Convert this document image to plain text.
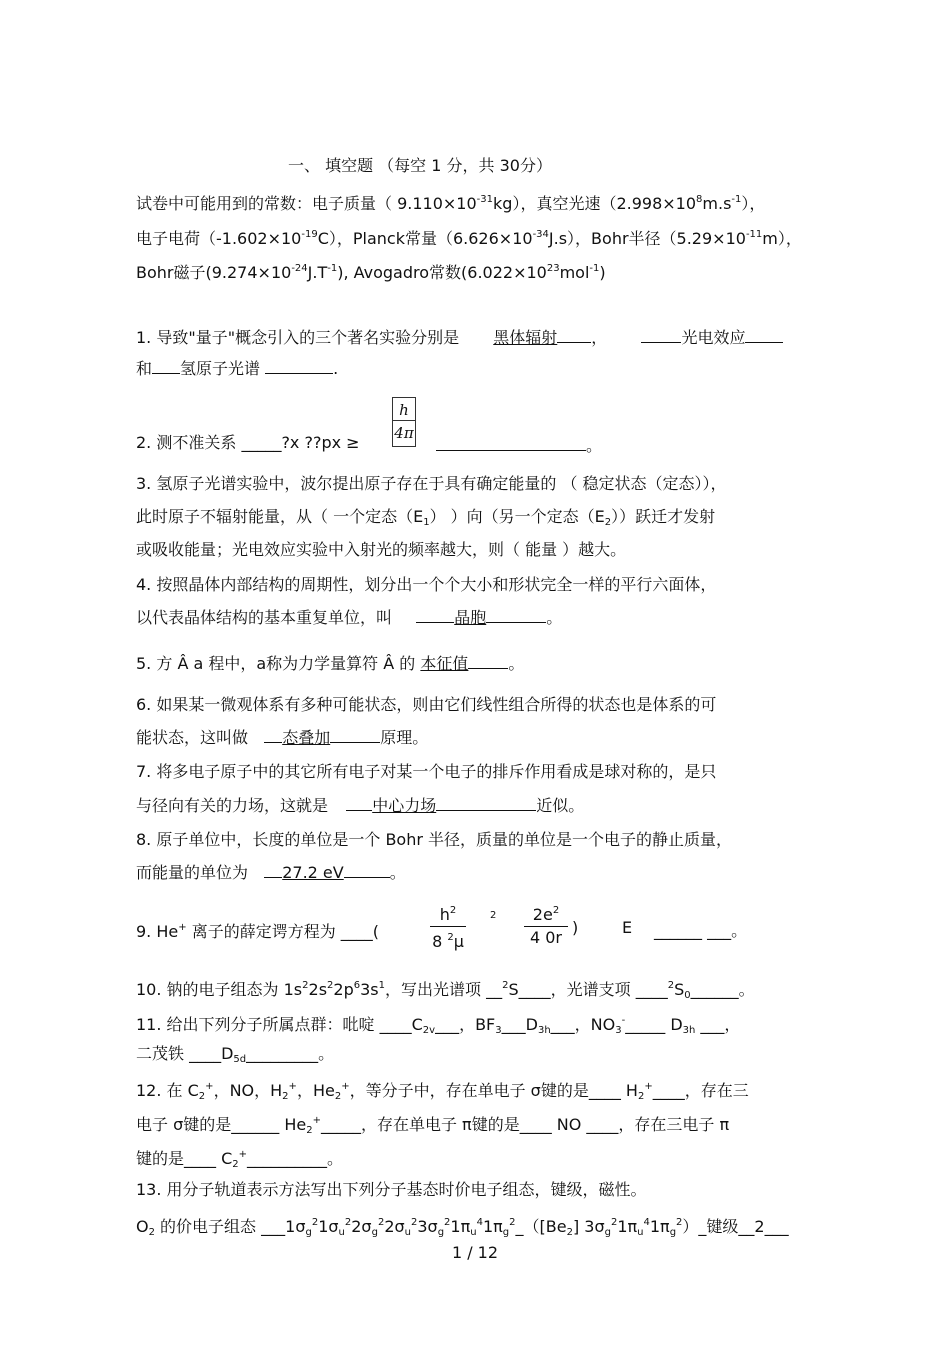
一、 填空题 （每空 1 分，共 30分）
试卷中可能用到的常数：电子质量（ $9.110\times 10^{-31}kg$），真空光速$(2.998\times 10^8m.s^{-1})$，
电子电荷$(-1.602\times 10^{-19}C)$，Planck常量$(6.626\times 10^{-34}J.s)$，Bohr半径$(5.29\times 10^{-11}m)$，
Bohr磁子$(9.274\times 10^{-24}J.T^{-1})$, Avogadro常数$(6.022\times 10^{23}mol^{-1})$
1. 导致"量子"概念引入的三个著名实验分别是 黑体辐射 ，	光电效应
和 氢原子光谱	.
2. 测不准关系 _____?x ??px ≥ $\frac{h}{4\pi}$	。
3. 氢原子光谱实验中，波尔提出原子存在于具有确定能量的 （ 稳定状态（定态）），
此时原子不辐射能量，从（ 一个定态$(E_1)$ ）向（另一个定态$(E_2)$）跃迁才发射
或吸收能量；光电效应实验中入射光的频率越大，则（ 能量 ）越大。
4. 按照晶体内部结构的周期性，划分出一个个大小和形状完全一样的平行六面体，
以代表晶体结构的基本重复单位，叫	晶胞	。
5. 方 Â a 程中，a称为力学量算符 Â 的 本征值	。
6. 如果某一微观体系有多种可能状态，则由它们线性组合所得的状态也是体系的可
能状态，这叫做 态叠加	原理。
7. 将多电子原子中的其它所有电子对某一个电子的排斥作用看成是球对称的，是只
与径向有关的力场，这就是	中心力场	近似。
8. 原子单位中，长度的单位是一个 Bohr 半径，质量的单位是一个电子的静止质量，
而能量的单位为 27.2 eV	。
9. He+ 离子的薛定谔方程为 ____(	$\frac{h^2}{8 ^2\mu} 2 \frac{2e^2}{4 0r}$ )	E ______ ___。
10. 钠的电子组态为 $1s^22s^22p^63s^1$，写出光谱项 __$^2$S____，光谱支项 $\_\_\_\_^2S_0\_\_\_\_\_\_$。
11. 给出下列分子所属点群：吡啶 $\_\_\_\_C_{2v}\_\_\_$，$BF_3\_\_\_D_{3h}\_\_\_$，$NO_3^-\_\_\_\_\_$ $D_{3h}$ ___，
二茂铁 $\_\_\_\_D_{5d}\_\_\_\_\_\_\_\_\_$。
12. 在 $C_2^+$，NO，$H_2^+$，$He_2^+$，等分子中，存在单电子 σ键的是____ $H_2^+\_\_\_\_$，存在三
电子 σ键的是______ $He_2^+\_\_\_\_\_$，存在单电子 π键的是____ NO ____，存在三电子 π
键的是____ $C_2^+\_\_\_\_\_\_\_\_\_\_$。
13. 用分子轨道表示方法写出下列分子基态时价电子组态，键级，磁性。
$O_2$ 的价电子组态 $\_\_\_1\sigma_g^21\sigma_u^22\sigma_g^22\sigma_u^23\sigma_g^21\pi_u^41\pi_g^2\_([Be_2]$ $3\sigma_g^21\pi_u^41\pi_g^2)\_$键级__2___
1 / 12
